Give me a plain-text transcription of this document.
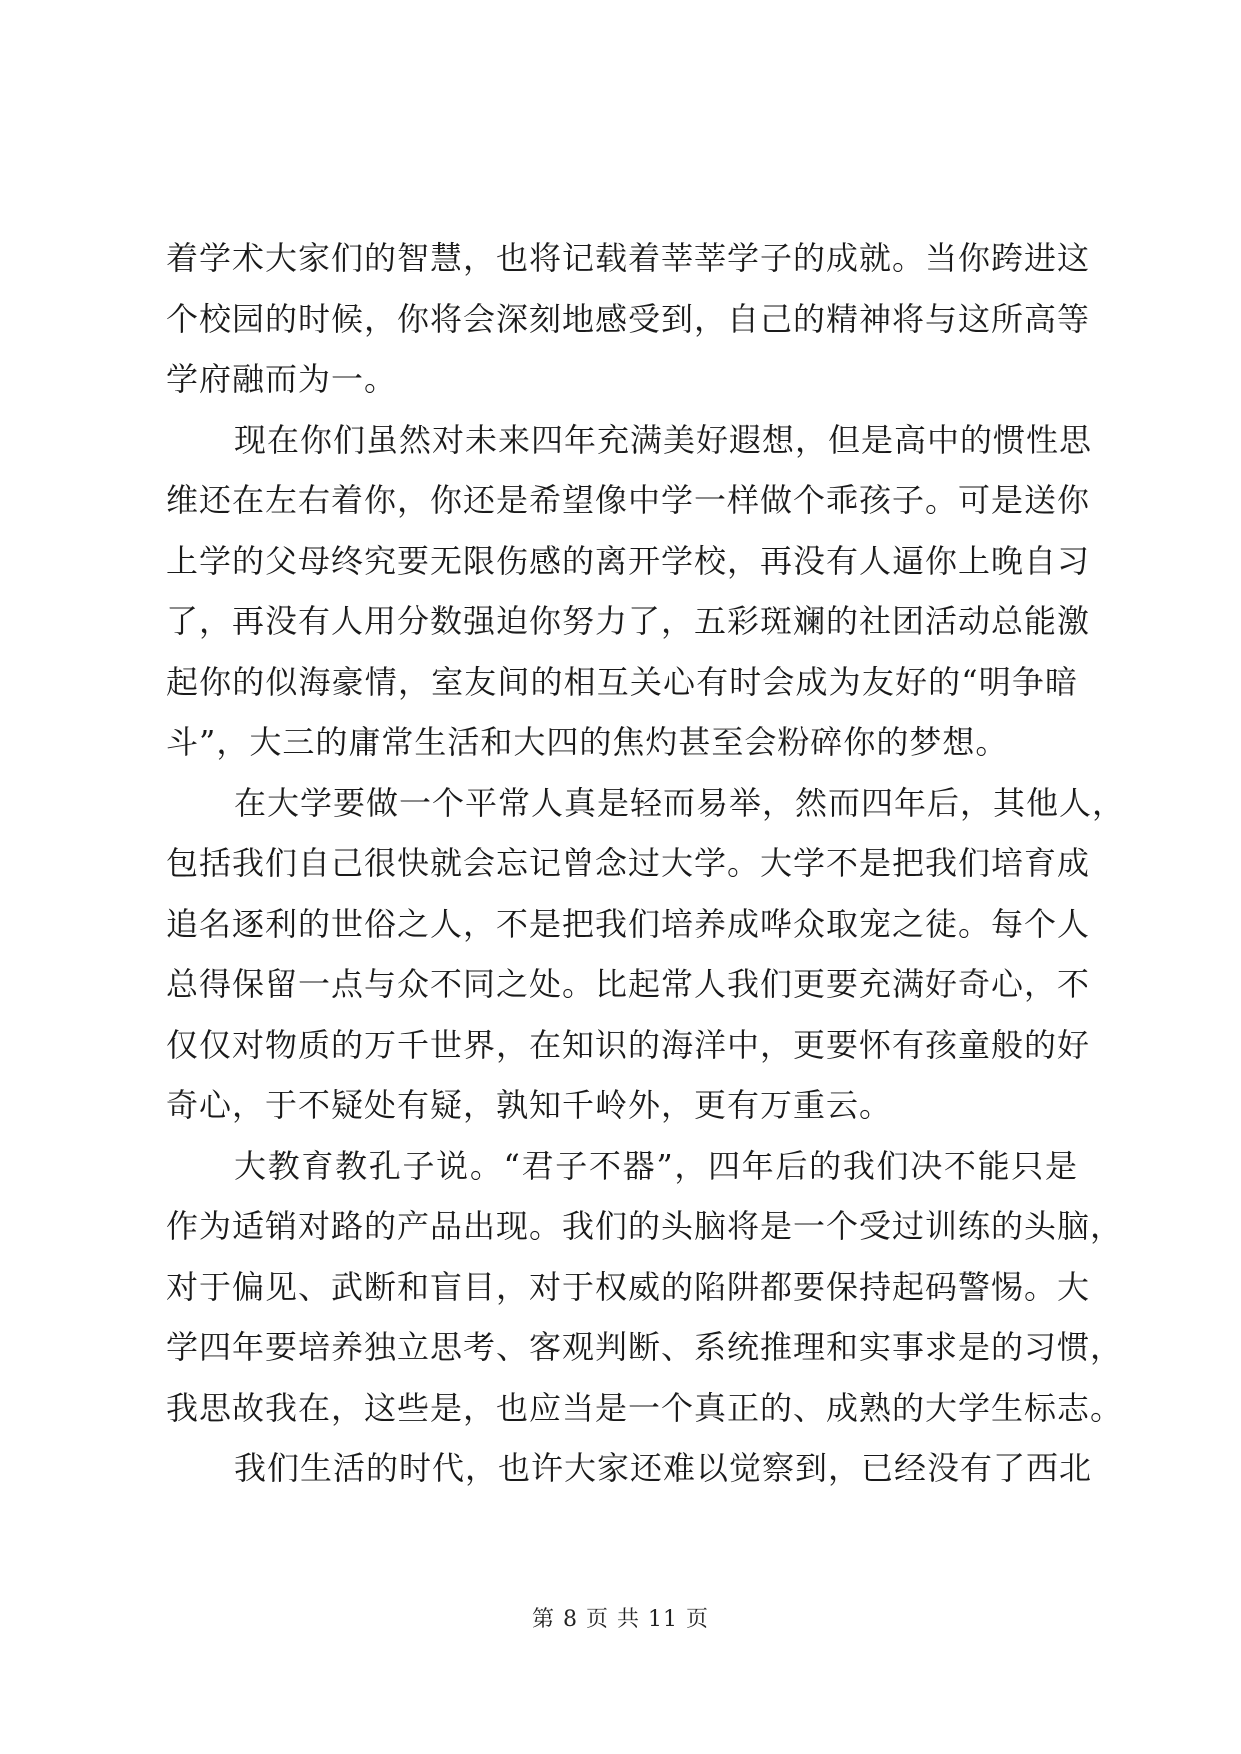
着学术大家们的智慧，也将记载着莘莘学子的成就。当你跨进这
个校园的时候，你将会深刻地感受到，自己的精神将与这所高等
学府融而为一。
现在你们虽然对未来四年充满美好遐想，但是高中的惯性思
维还在左右着你，你还是希望像中学一样做个乖孩子。可是送你
上学的父母终究要无限伤感的离开学校，再没有人逼你上晚自习
了，再没有人用分数强迫你努力了，五彩斑斓的社团活动总能激
起你的似海豪情，室友间的相互关心有时会成为友好的“明争暗
斗”，大三的庸常生活和大四的焦灼甚至会粉碎你的梦想。
在大学要做一个平常人真是轻而易举，然而四年后，其他人，
包括我们自己很快就会忘记曾念过大学。大学不是把我们培育成
追名逐利的世俗之人，不是把我们培养成哗众取宠之徒。每个人
总得保留一点与众不同之处。比起常人我们更要充满好奇心，不
仅仅对物质的万千世界，在知识的海洋中，更要怀有孩童般的好
奇心，于不疑处有疑，孰知千岭外，更有万重云。
大教育教孔子说。“君子不器”，四年后的我们决不能只是
作为适销对路的产品出现。我们的头脑将是一个受过训练的头脑，
对于偏见、武断和盲目，对于权威的陷阱都要保持起码警惕。大
学四年要培养独立思考、客观判断、系统推理和实事求是的习惯，
我思故我在，这些是，也应当是一个真正的、成熟的大学生标志。
我们生活的时代，也许大家还难以觉察到，已经没有了西北
第 8 页 共 11 页
